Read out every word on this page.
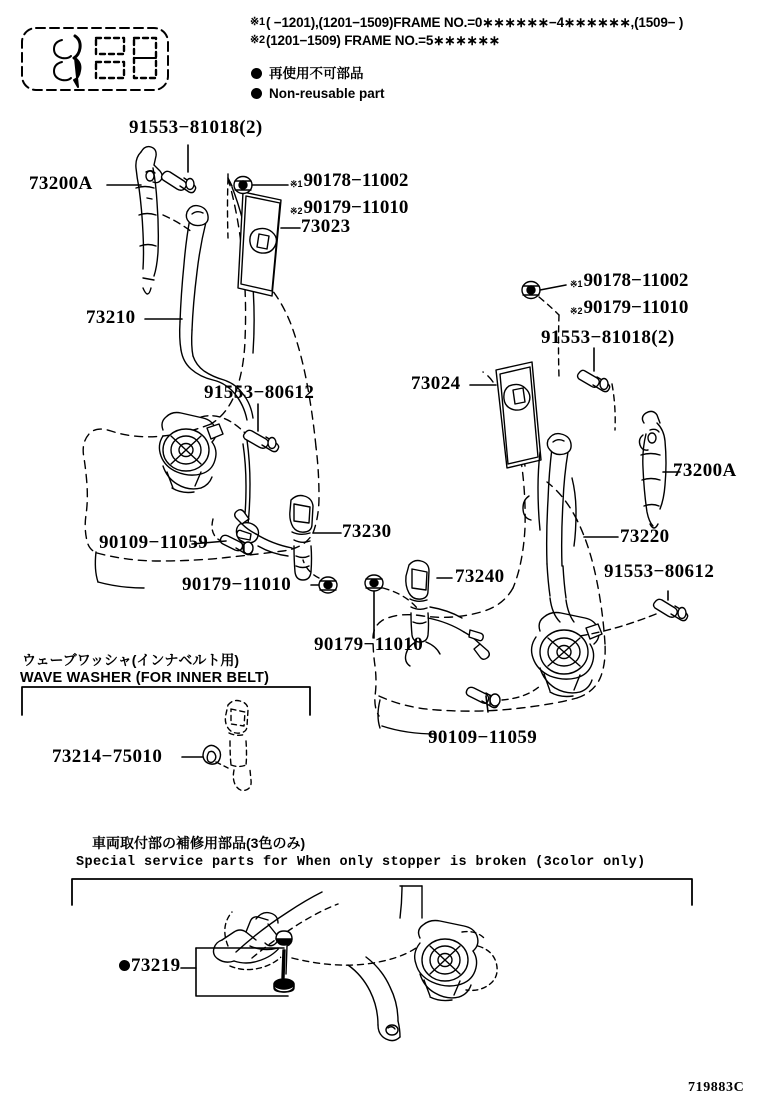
※1( −1201),(1201−1509)FRAME NO.=0∗∗∗∗∗∗−4∗∗∗∗∗∗,(1509− )
※2(1201−1509) FRAME NO.=5∗∗∗∗∗∗
再使用不可部品
Non-reusable part
91553−81018(2)
73200A
73023
73210
91553−80612
90109−11059
90179−11010
73230
73240
90179−11010
90109−11059
73024
91553−81018(2)
73200A
73220
91553−80612
73214−75010
73219
※190178−11002
※290179−11010
※190178−11002
※290179−11010
ウェーブワッシャ(インナベルト用)
WAVE WASHER (FOR INNER BELT)
車両取付部の補修用部品(3色のみ)
Special service parts for When only stopper is broken (3color only)
719883C
